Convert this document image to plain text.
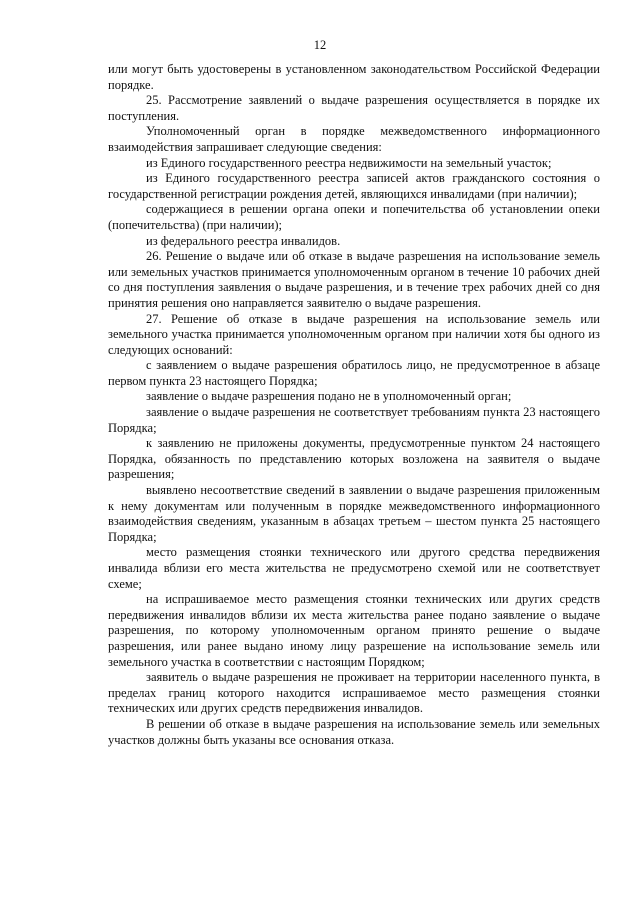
12

или могут быть удостоверены в установленном законодательством Российской Федерации порядке.

25. Рассмотрение заявлений о выдаче разрешения осуществляется в порядке их поступления.

Уполномоченный орган в порядке межведомственного информационного взаимодействия запрашивает следующие сведения:

из Единого государственного реестра недвижимости на земельный участок;

из Единого государственного реестра записей актов гражданского состояния о государственной регистрации рождения детей, являющихся инвалидами (при наличии);

содержащиеся в решении органа опеки и попечительства об установлении опеки (попечительства) (при наличии);

из федерального реестра инвалидов.

26. Решение о выдаче или об отказе в выдаче разрешения на использование земель или земельных участков принимается уполномоченным органом в течение 10 рабочих дней со дня поступления заявления о выдаче разрешения, и в течение трех рабочих дней со дня принятия решения оно направляется заявителю о выдаче разрешения.

27. Решение об отказе в выдаче разрешения на использование земель или земельного участка принимается уполномоченным органом при наличии хотя бы одного из следующих оснований:

с заявлением о выдаче разрешения обратилось лицо, не предусмотренное в абзаце первом пункта 23 настоящего Порядка;

заявление о выдаче разрешения подано не в уполномоченный орган;

заявление о выдаче разрешения не соответствует требованиям пункта 23 настоящего Порядка;

к заявлению не приложены документы, предусмотренные пунктом 24 настоящего Порядка, обязанность по представлению которых возложена на заявителя о выдаче разрешения;

выявлено несоответствие сведений в заявлении о выдаче разрешения приложенным к нему документам или полученным в порядке межведомственного информационного взаимодействия сведениям, указанным в абзацах третьем – шестом пункта 25 настоящего Порядка;

место размещения стоянки технического или другого средства передвижения инвалида вблизи его места жительства не предусмотрено схемой или не соответствует схеме;

на испрашиваемое место размещения стоянки технических или других средств передвижения инвалидов вблизи их места жительства ранее подано заявление о выдаче разрешения, по которому уполномоченным органом принято решение о выдаче разрешения, или ранее выдано иному лицу разрешение на использование земель или земельного участка в соответствии с настоящим Порядком;

заявитель о выдаче разрешения не проживает на территории населенного пункта, в пределах границ которого находится испрашиваемое место размещения стоянки технических или других средств передвижения инвалидов.

В решении об отказе в выдаче разрешения на использование земель или земельных участков должны быть указаны все основания отказа.
